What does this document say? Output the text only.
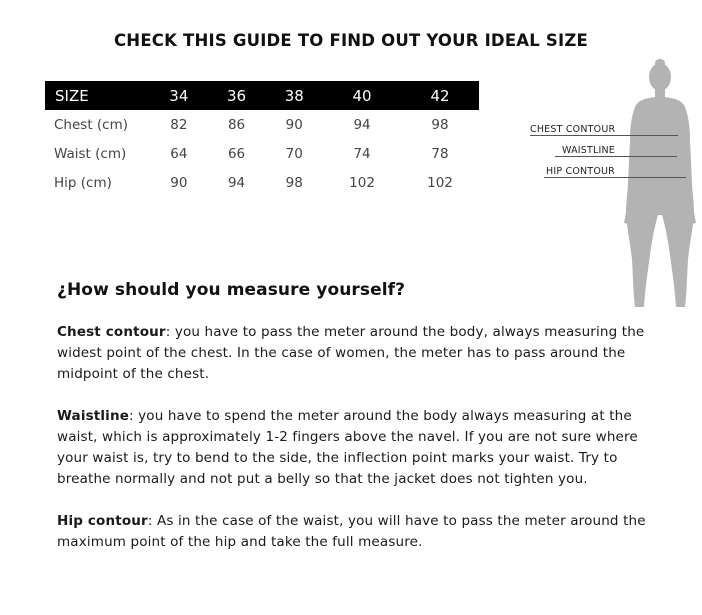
CHECK THIS GUIDE TO FIND OUT YOUR IDEAL SIZE
SIZE	34	36	38	40	42
Chest (cm)	82	86	90	94	98
Waist (cm)	64	66	70	74	78
Hip (cm)	90	94	98	102	102
CHEST CONTOUR
WAISTLINE
HIP CONTOUR
¿How should you measure yourself?

Chest contour: you have to pass the meter around the body, always measuring the widest point of the chest. In the case of women, the meter has to pass around the midpoint of the chest.

Waistline: you have to spend the meter around the body always measuring at the waist, which is approximately 1-2 fingers above the navel. If you are not sure where your waist is, try to bend to the side, the inflection point marks your waist. Try to breathe normally and not put a belly so that the jacket does not tighten you.

Hip contour: As in the case of the waist, you will have to pass the meter around the maximum point of the hip and take the full measure.
